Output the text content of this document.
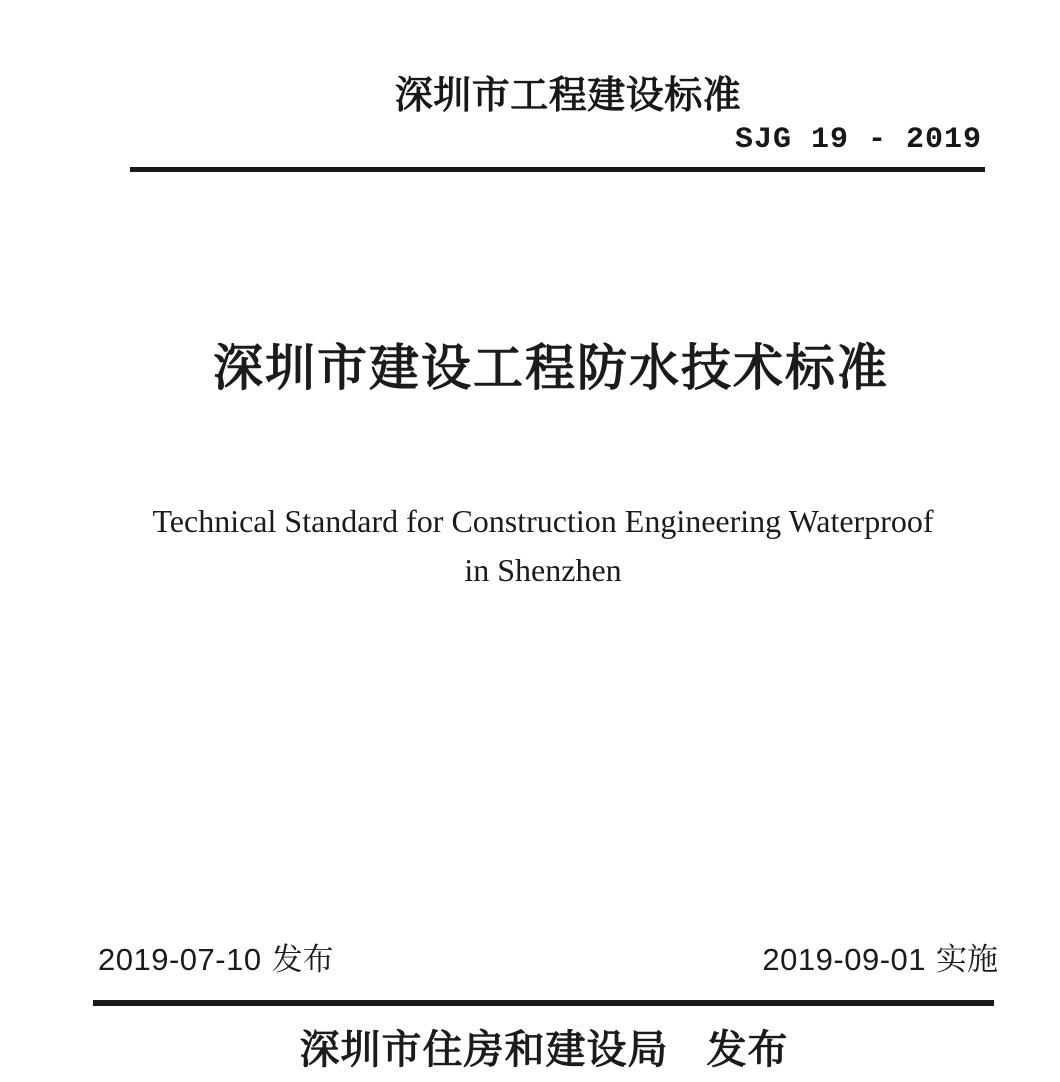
深圳市工程建设标准
SJG 19 - 2019
深圳市建设工程防水技术标准
Technical Standard for Construction Engineering Waterproof
in Shenzhen
2019-07-10 发布	2019-09-01 实施
深圳市住房和建设局 发布
